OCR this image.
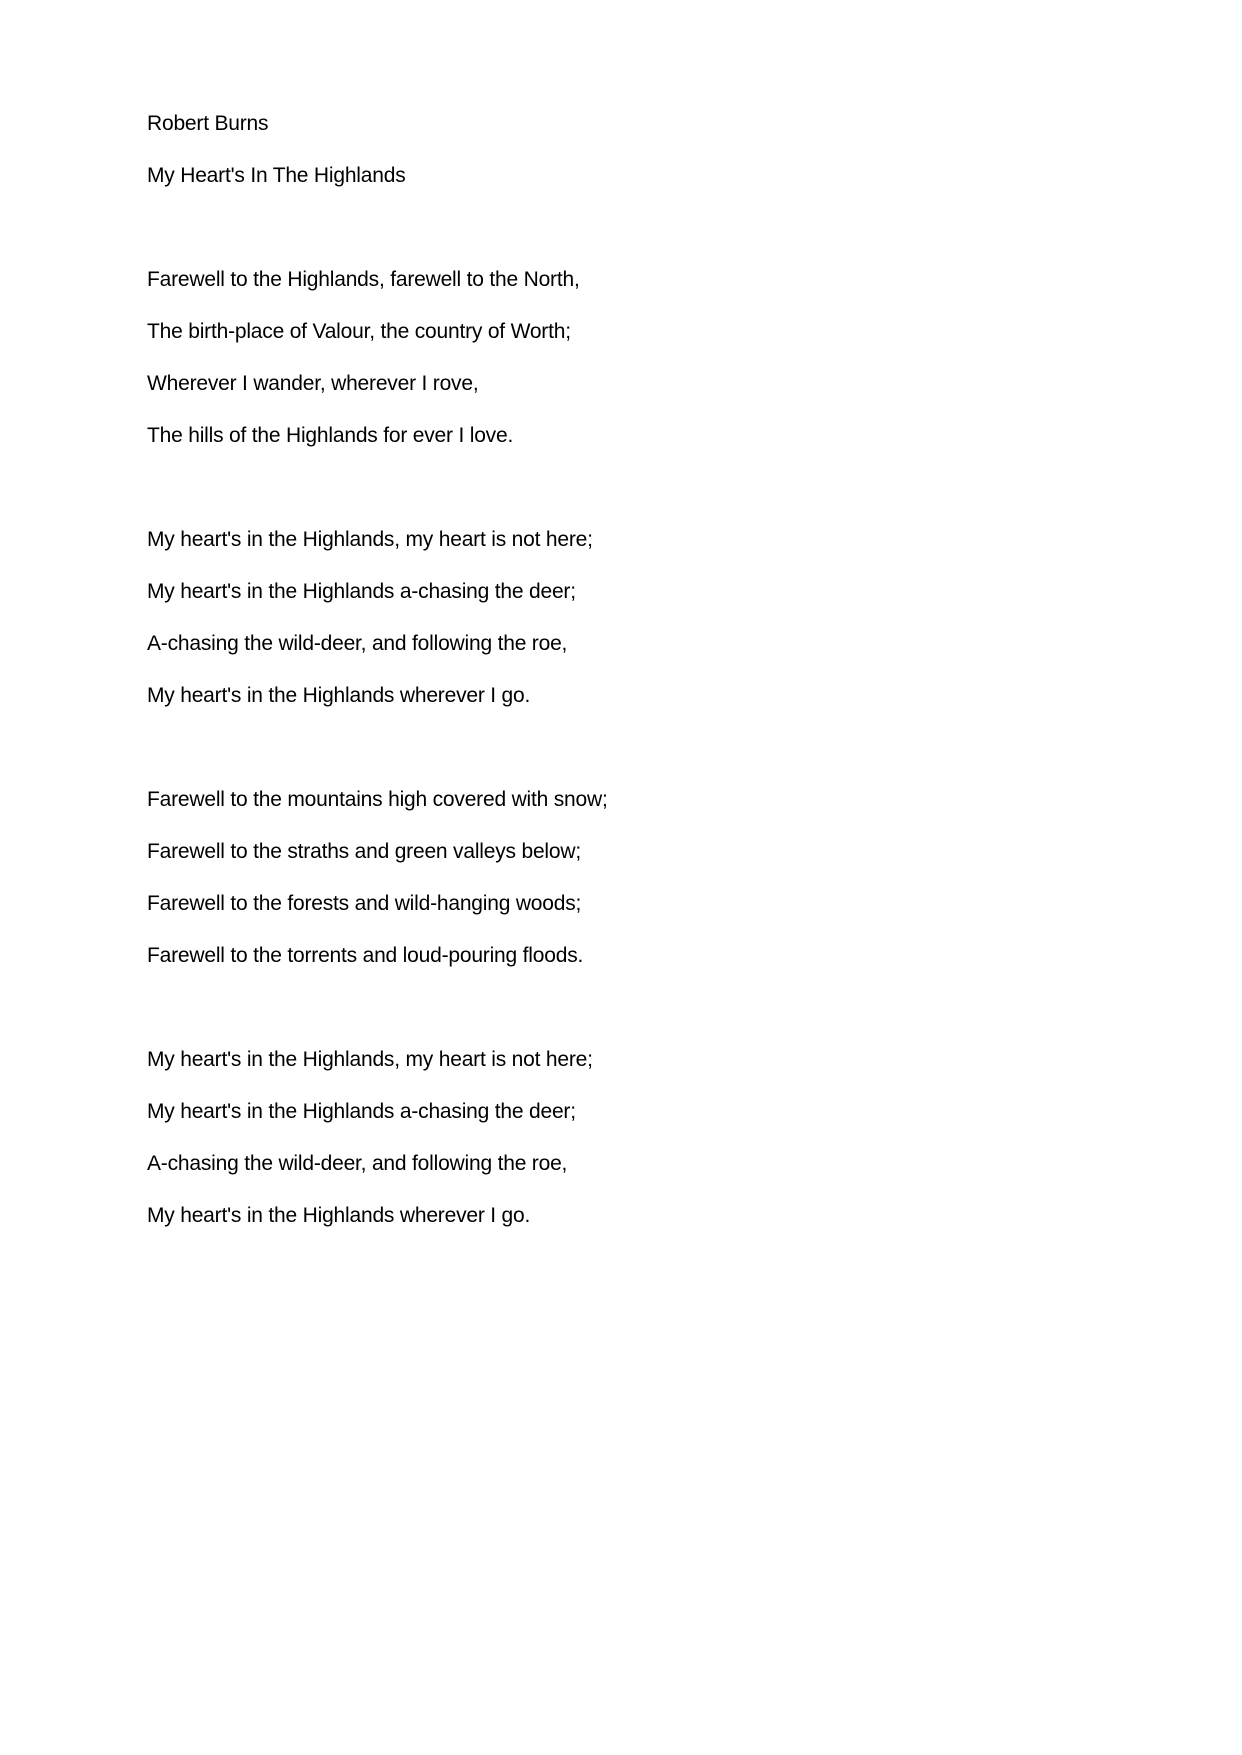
Robert Burns

My Heart's In The Highlands

Farewell to the Highlands, farewell to the North,

The birth-place of Valour, the country of Worth;

Wherever I wander, wherever I rove,

The hills of the Highlands for ever I love.

My heart's in the Highlands, my heart is not here;

My heart's in the Highlands a-chasing the deer;

A-chasing the wild-deer, and following the roe,

My heart's in the Highlands wherever I go.

Farewell to the mountains high covered with snow;

Farewell to the straths and green valleys below;

Farewell to the forests and wild-hanging woods;

Farewell to the torrents and loud-pouring floods.

My heart's in the Highlands, my heart is not here;

My heart's in the Highlands a-chasing the deer;

A-chasing the wild-deer, and following the roe,

My heart's in the Highlands wherever I go.
